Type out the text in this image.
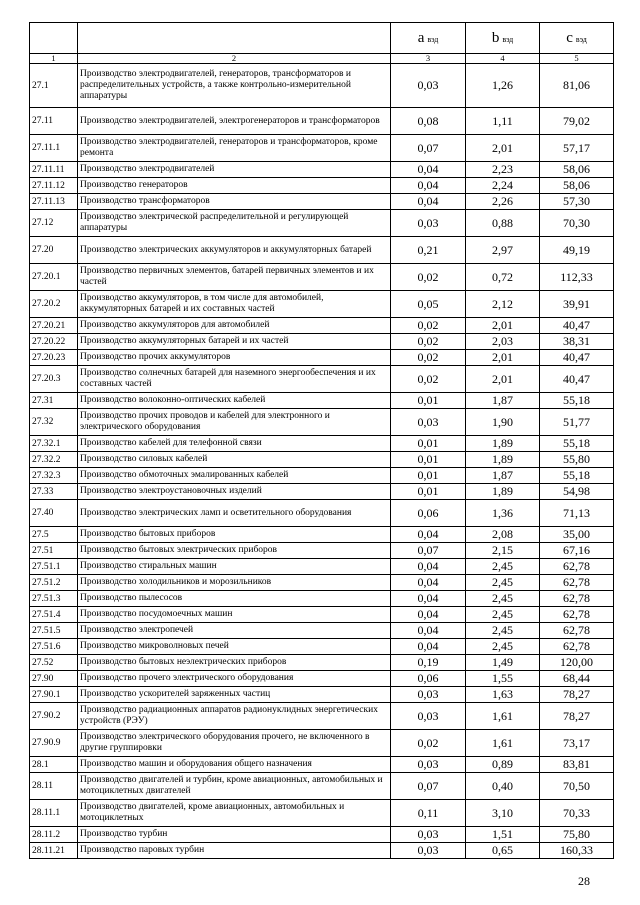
		a вэд	b вэд	c вэд
1	2	3	4	5
27.1	Производство электродвигателей, генераторов, трансформаторов и распределительных устройств, а также контрольно-измерительной аппаратуры	0,03	1,26	81,06
27.11	Производство электродвигателей, электрогенераторов и трансформаторов	0,08	1,11	79,02
27.11.1	Производство электродвигателей, генераторов и трансформаторов, кроме ремонта	0,07	2,01	57,17
27.11.11	Производство электродвигателей	0,04	2,23	58,06
27.11.12	Производство генераторов	0,04	2,24	58,06
27.11.13	Производство трансформаторов	0,04	2,26	57,30
27.12	Производство электрической распределительной и регулирующей аппаратуры	0,03	0,88	70,30
27.20	Производство электрических аккумуляторов и аккумуляторных батарей	0,21	2,97	49,19
27.20.1	Производство первичных элементов, батарей первичных элементов и их частей	0,02	0,72	112,33
27.20.2	Производство аккумуляторов, в том числе для автомобилей, аккумуляторных батарей и их составных частей	0,05	2,12	39,91
27.20.21	Производство аккумуляторов для автомобилей	0,02	2,01	40,47
27.20.22	Производство аккумуляторных батарей и их частей	0,02	2,03	38,31
27.20.23	Производство прочих аккумуляторов	0,02	2,01	40,47
27.20.3	Производство солнечных батарей для наземного энергообеспечения и их составных частей	0,02	2,01	40,47
27.31	Производство волоконно-оптических кабелей	0,01	1,87	55,18
27.32	Производство прочих проводов и кабелей для электронного и электрического оборудования	0,03	1,90	51,77
27.32.1	Производство кабелей для телефонной связи	0,01	1,89	55,18
27.32.2	Производство силовых кабелей	0,01	1,89	55,80
27.32.3	Производство обмоточных эмалированных кабелей	0,01	1,87	55,18
27.33	Производство электроустановочных изделий	0,01	1,89	54,98
27.40	Производство электрических ламп и осветительного оборудования	0,06	1,36	71,13
27.5	Производство бытовых приборов	0,04	2,08	35,00
27.51	Производство бытовых электрических приборов	0,07	2,15	67,16
27.51.1	Производство стиральных машин	0,04	2,45	62,78
27.51.2	Производство холодильников и морозильников	0,04	2,45	62,78
27.51.3	Производство пылесосов	0,04	2,45	62,78
27.51.4	Производство посудомоечных машин	0,04	2,45	62,78
27.51.5	Производство электропечей	0,04	2,45	62,78
27.51.6	Производство микроволновых печей	0,04	2,45	62,78
27.52	Производство бытовых неэлектрических приборов	0,19	1,49	120,00
27.90	Производство прочего электрического оборудования	0,06	1,55	68,44
27.90.1	Производство ускорителей заряженных частиц	0,03	1,63	78,27
27.90.2	Производство радиационных аппаратов радионуклидных энергетических устройств (РЭУ)	0,03	1,61	78,27
27.90.9	Производство электрического оборудования прочего, не включенного в другие группировки	0,02	1,61	73,17
28.1	Производство машин и оборудования общего назначения	0,03	0,89	83,81
28.11	Производство двигателей и турбин, кроме авиационных, автомобильных и мотоциклетных двигателей	0,07	0,40	70,50
28.11.1	Производство двигателей, кроме авиационных, автомобильных и мотоциклетных	0,11	3,10	70,33
28.11.2	Производство турбин	0,03	1,51	75,80
28.11.21	Производство паровых турбин	0,03	0,65	160,33
28
